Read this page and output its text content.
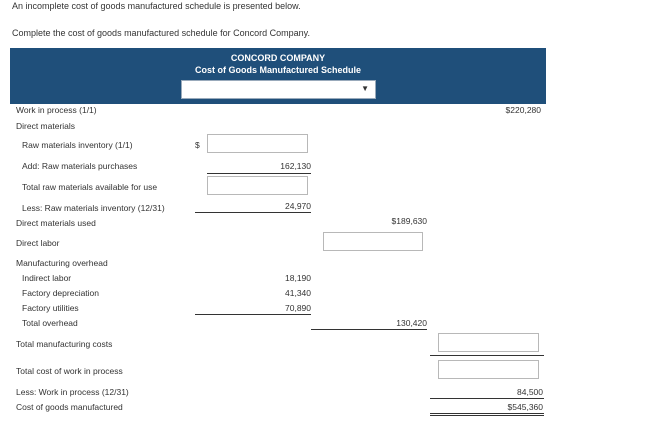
An incomplete cost of goods manufactured schedule is presented below.
Complete the cost of goods manufactured schedule for Concord Company.
CONCORD COMPANY
Cost of Goods Manufactured Schedule
▼
Work in process (1/1)	$220,280
Direct materials
Raw materials inventory (1/1)	$
Add: Raw materials purchases	162,130
Total raw materials available for use
Less: Raw materials inventory (12/31)	24,970
Direct materials used	$189,630
Direct labor
Manufacturing overhead
Indirect labor	18,190
Factory depreciation	41,340
Factory utilities	70,890
Total overhead	130,420
Total manufacturing costs
Total cost of work in process
Less: Work in process (12/31)	84,500
Cost of goods manufactured	$545,360
